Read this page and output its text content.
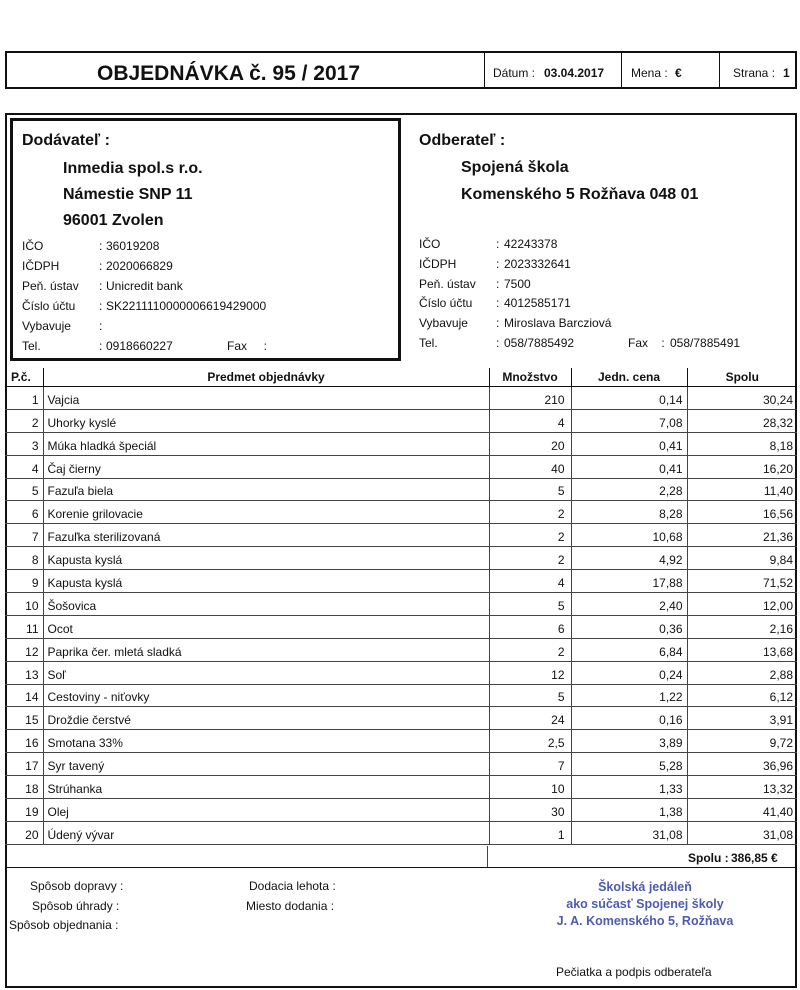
OBJEDNÁVKA č. 95 / 2017	Dátum : 03.04.2017 Mena : €	Strana : 1
Dodávateľ :
Inmedia spol.s r.o.
Námestie SNP 11
96001 Zvolen
IČO	: 36019208
IČDPH	: 2020066829
Peň. ústav : Unicredit bank
Číslo účtu : SK2211110000006619429000
Vybavuje :
Tel.	: 0918660227	Fax     :
Odberateľ :
Spojená škola
Komenského 5 Rožňava 048 01
IČO	: 42243378
IČDPH	: 2023332641
Peň. ústav : 7500
Číslo účtu : 4012585171
Vybavuje : Miroslava Barcziová
Tel.	: 058/7885492	Fax    : 058/7885491
P.č.	Predmet objednávky	Množstvo	Jedn. cena	Spolu
1	Vajcia	210	0,14	30,24
2	Uhorky kyslé	4	7,08	28,32
3	Múka hladká špeciál	20	0,41	8,18
4	Čaj čierny	40	0,41	16,20
5	Fazuľa biela	5	2,28	11,40
6	Korenie grilovacie	2	8,28	16,56
7	Fazuľka sterilizovaná	2	10,68	21,36
8	Kapusta kyslá	2	4,92	9,84
9	Kapusta kyslá	4	17,88	71,52
10	Šošovica	5	2,40	12,00
11	Ocot	6	0,36	2,16
12	Paprika čer. mletá sladká	2	6,84	13,68
13	Soľ	12	0,24	2,88
14	Cestoviny - niťovky	5	1,22	6,12
15	Droždie čerstvé	24	0,16	3,91
16	Smotana 33%	2,5	3,89	9,72
17	Syr tavený	7	5,28	36,96
18	Strúhanka	10	1,33	13,32
19	Olej	30	1,38	41,40
20	Údený vývar	1	31,08	31,08
Spolu : 386,85 €
Spôsob dopravy :
Spôsob úhrady :
Spôsob objednania :
Dodacia lehota :
Miesto dodania :
Školská jedáleň
ako súčasť Spojenej školy
J. A. Komenského 5, Rožňava
Pečiatka a podpis odberateľa
